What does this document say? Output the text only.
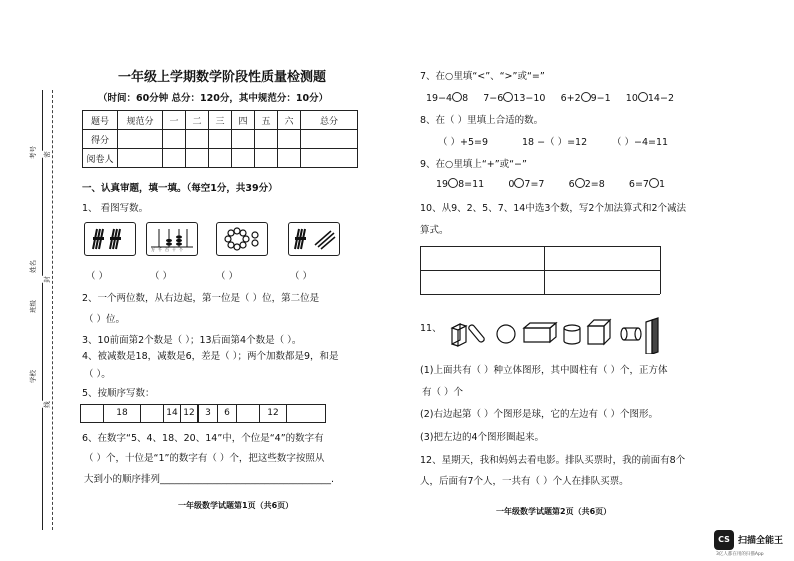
考号
姓名
班级
学校
密
封
线
一年级上学期数学阶段性质量检测题
（时间：60分钟 总分：120分，其中规范分：10分）
题号	规范分	一	二	三	四	五	六	总分
得分								
阅卷人								
一、认真审题，填一填。（每空1分，共39分）
1、 看图写数。
万 千 百 十 个
（ ）	（ ）	（ ）	（ ）
2、一个两位数，从右边起，第一位是（ ）位，第二位是
（ ）位。
3、10前面第2个数是（ ）；13后面第4个数是（ ）。
4、被减数是18，减数是6，差是（ ）；两个加数都是9，和是
（ ）。
5、按顺序写数：
18	14 12	3	6	12
6、在数字“5、4、18、20、14”中，个位是“4”的数字有
（ ）个，十位是“1”的数字有（ ）个，把这些数字按照从
大到小的顺序排列____________________________________.
一年级数学试题第1页（共6页）
7、在○里填“<”、“>”或“=”
19−4 8 7−6 13−10 6+2 9−1 10 14−2
8、在（ ）里填上合适的数。
（ ）+5=9	18 −（ ）=12	（ ）−4=11
9、在○里填上“+”或“−”
19 8=11	0 7=7	6 2=8	6=7 1
10、从9、2、5、7、14中选3个数，写2个加法算式和2个减法
算式。
11、
(1)上面共有（ ）种立体图形，其中圆柱有（ ）个，正方体
有（ ）个
(2)右边起第（ ）个图形是球，它的左边有（ ）个图形。
(3)把左边的4个图形圈起来。
12、星期天，我和妈妈去看电影。排队买票时，我的前面有8个
人，后面有7个人，一共有（ ）个人在排队买票。
一年级数学试题第2页（共6页）
CS 扫描全能王
3亿人都在用的扫描App
